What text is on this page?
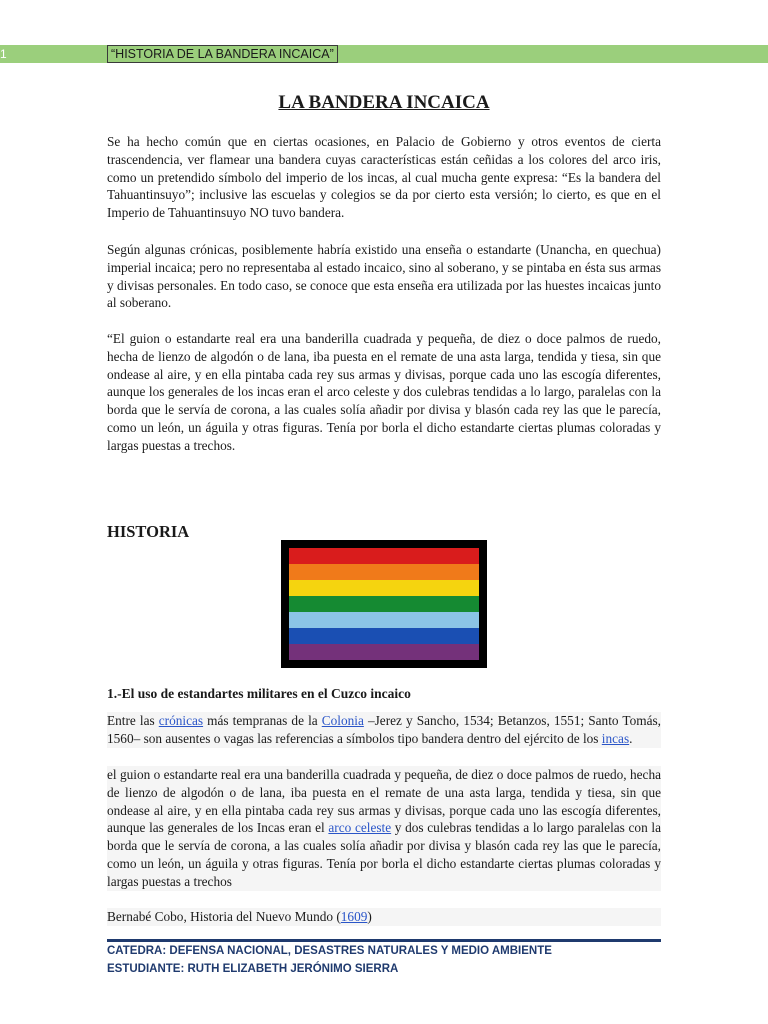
1	“HISTORIA DE LA BANDERA INCAICA”
LA BANDERA INCAICA

Se ha hecho común que en ciertas ocasiones, en Palacio de Gobierno y otros eventos de cierta trascendencia, ver flamear una bandera cuyas características están ceñidas a los colores del arco iris, como un pretendido símbolo del imperio de los incas, al cual mucha gente expresa: “Es la bandera del Tahuantinsuyo”; inclusive las escuelas y colegios se da por cierto esta versión; lo cierto, es que en el Imperio de Tahuantinsuyo NO tuvo bandera.

Según algunas crónicas, posiblemente habría existido una enseña o estandarte (Unancha, en quechua) imperial incaica; pero no representaba al estado incaico, sino al soberano, y se pintaba en ésta sus armas y divisas personales. En todo caso, se conoce que esta enseña era utilizada por las huestes incaicas junto al soberano.

“El guion o estandarte real era una banderilla cuadrada y pequeña, de diez o doce palmos de ruedo, hecha de lienzo de algodón o de lana, iba puesta en el remate de una asta larga, tendida y tiesa, sin que ondease al aire, y en ella pintaba cada rey sus armas y divisas, porque cada uno las escogía diferentes, aunque los generales de los incas eran el arco celeste y dos culebras tendidas a lo largo, paralelas con la borda que le servía de corona, a las cuales solía añadir por divisa y blasón cada rey las que le parecía, como un león, un águila y otras figuras. Tenía por borla el dicho estandarte ciertas plumas coloradas y largas puestas a trechos.

HISTORIA
1.-El uso de estandartes militares en el Cuzco incaico

Entre las crónicas más tempranas de la Colonia –Jerez y Sancho, 1534; Betanzos, 1551; Santo Tomás, 1560– son ausentes o vagas las referencias a símbolos tipo bandera dentro del ejército de los incas.

el guion o estandarte real era una banderilla cuadrada y pequeña, de diez o doce palmos de ruedo, hecha de lienzo de algodón o de lana, iba puesta en el remate de una asta larga, tendida y tiesa, sin que ondease al aire, y en ella pintaba cada rey sus armas y divisas, porque cada uno las escogía diferentes, aunque las generales de los Incas eran el arco celeste y dos culebras tendidas a lo largo paralelas con la borda que le servía de corona, a las cuales solía añadir por divisa y blasón cada rey las que le parecía, como un león, un águila y otras figuras. Tenía por borla el dicho estandarte ciertas plumas coloradas y largas puestas a trechos

Bernabé Cobo, Historia del Nuevo Mundo (1609)

CATEDRA: DEFENSA NACIONAL, DESASTRES NATURALES Y MEDIO AMBIENTE
ESTUDIANTE: RUTH ELIZABETH JERÓNIMO SIERRA
